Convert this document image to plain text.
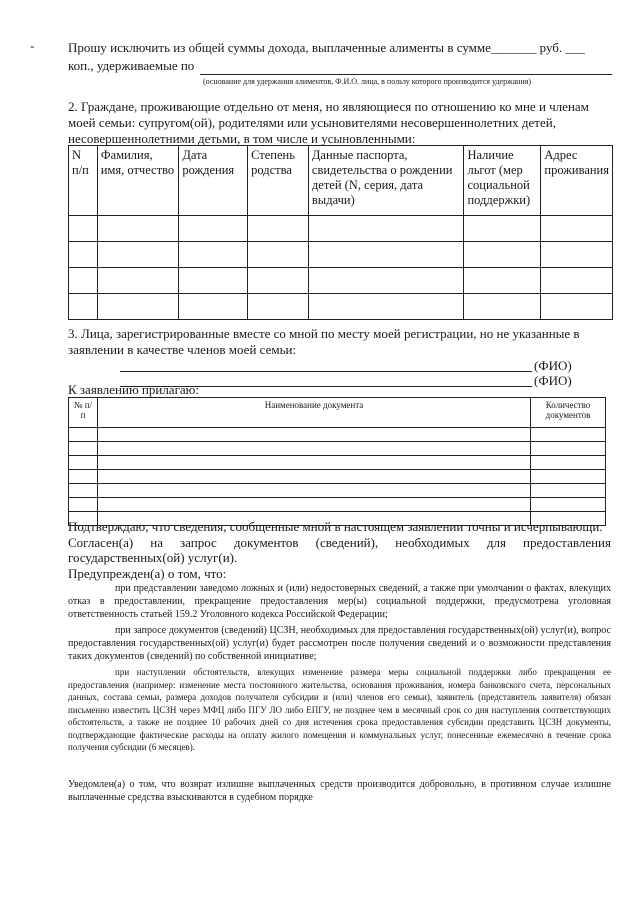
-	Прошу исключить из общей суммы дохода, выплаченные алименты в сумме_______ руб. ___
коп., удерживаемые по
(основание для удержания алиментов, Ф.И.О. лица, в пользу которого производится удержания)
2. Граждане, проживающие отдельно от меня, но являющиеся по отношению ко мне и членам
моей семьи: супругом(ой), родителями или усыновителями несовершеннолетних детей,
несовершеннолетними детьми, в том числе и усыновленными:
N п/п	Фамилия, имя, отчество	Дата рождения	Степень родства	Данные паспорта, свидетельства о рождении детей (N, серия, дата выдачи)	Наличие льгот (мер социальной поддержки)	Адрес проживания

3. Лица, зарегистрированные вместе со мной по месту моей регистрации, но не указанные в
заявлении в качестве членов моей семьи:
(ФИО)
(ФИО)
К заявлению прилагаю:
№ п/п	Наименование документа	Количество документов

Подтверждаю, что сведения, сообщенные мной в настоящем заявлении точны и исчерпывающи.
Согласен(а) на запрос документов (сведений), необходимых для предоставления
государственных(ой) услуг(и).
Предупрежден(а) о том, что:
при представлении заведомо ложных и (или) недостоверных сведений, а также при умолчании о фактах, влекущих отказ в предоставлении, прекращение предоставления мер(ы) социальной поддержки, предусмотрена уголовная ответственность статьей 159.2 Уголовного кодекса Российской Федерации;
при запросе документов (сведений) ЦСЗН, необходимых для предоставления государственных(ой) услуг(и), вопрос предоставления государственных(ой) услуг(и) будет рассмотрен после получения сведений и о возможности представления таких документов (сведений) по собственной инициативе;
при наступлении обстоятельств, влекущих изменение размера меры социальной поддержки либо прекращения ее предоставления (например: изменение места постоянного жительства, основания проживания, номера банковского счета, персональных данных, состава семьи, размера доходов получателя субсидии и (или) членов его семьи), заявитель (представитель заявителя) обязан письменно известить ЦСЗН через МФЦ либо ПГУ ЛО либо ЕПГУ, не позднее чем в месячный срок со дня наступления соответствующих обстоятельств, а также не позднее 10 рабочих дней со дня истечения срока предоставления субсидии представить ЦСЗН документы, подтверждающие фактические расходы на оплату жилого помещения и коммунальных услуг, понесенные ежемесячно в течение срока получения субсидии (6 месяцев).
Уведомлен(а) о том, что возврат излишне выплаченных средств производится добровольно, в противном случае излишне выплаченные средства взыскиваются в судебном порядке
